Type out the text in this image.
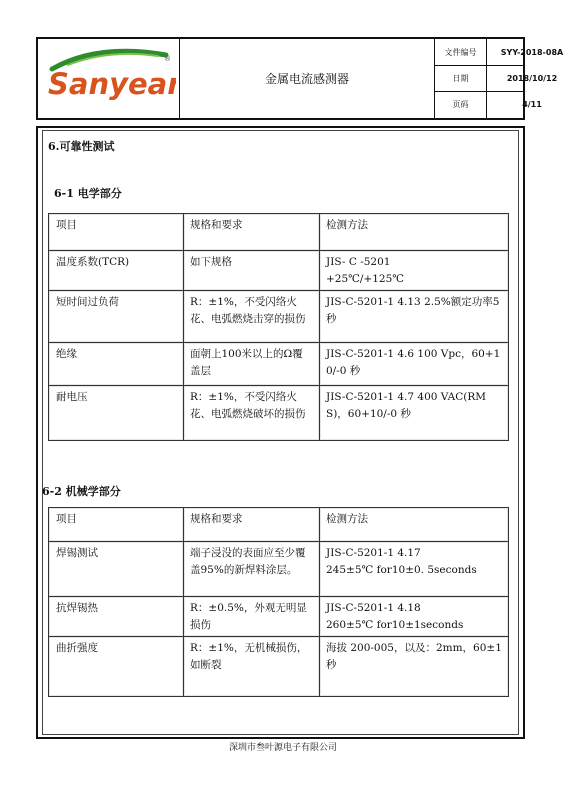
Sanyear
®
金属电流感测器
文件编号	SYY-2018-08A
日期	2018/10/12
页码	4/11
6.可靠性测试
6-1 电学部分
项目	规格和要求	检测方法
温度系数(TCR)	如下规格	JIS- C -5201
+25℃/+125℃
短时间过负荷	R：±1%，不受闪络火花、电弧燃烧击穿的损伤	JIS-C-5201-1 4.13 2.5%额定功率5秒
绝缘	面朝上100米以上的Ω覆盖层	JIS-C-5201-1 4.6 100 Vpc，60+10/-0 秒
耐电压	R：±1%，不受闪络火花、电弧燃烧破坏的损伤	JIS-C-5201-1 4.7 400 VAC(RMS)，60+10/-0 秒
6-2 机械学部分
项目	规格和要求	检测方法
焊锡测试	端子浸没的表面应至少覆盖95%的新焊料涂层。	JIS-C-5201-1 4.17
245±5℃ for10±0. 5seconds
抗焊锡热	R：±0.5%，外观无明显损伤	JIS-C-5201-1 4.18
260±5℃ for10±1seconds
曲折强度	R：±1%，无机械损伤，如断裂	海拔 200-005，以及：2mm，60±1秒
深圳市叁叶源电子有限公司
